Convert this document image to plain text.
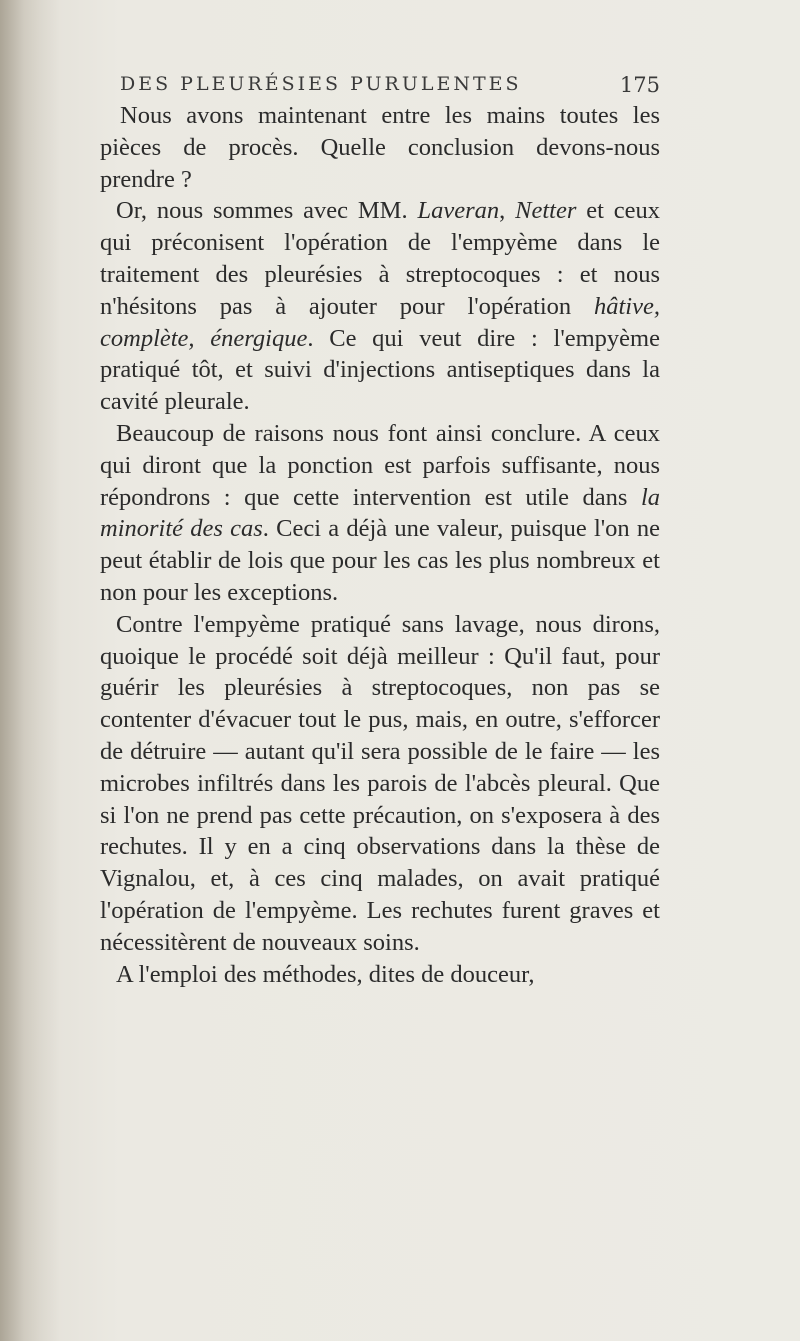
DES PLEURÉSIES PURULENTES	175

Nous avons maintenant entre les mains toutes les pièces de procès. Quelle conclusion devons-nous prendre ?

Or, nous sommes avec MM. Laveran, Netter et ceux qui préconisent l'opération de l'empyème dans le traitement des pleurésies à streptocoques : et nous n'hésitons pas à ajouter pour l'opération hâtive, complète, énergique. Ce qui veut dire : l'empyème pratiqué tôt, et suivi d'injections antiseptiques dans la cavité pleurale.

Beaucoup de raisons nous font ainsi conclure. A ceux qui diront que la ponction est parfois suffisante, nous répondrons : que cette intervention est utile dans la minorité des cas. Ceci a déjà une valeur, puisque l'on ne peut établir de lois que pour les cas les plus nombreux et non pour les exceptions.

Contre l'empyème pratiqué sans lavage, nous dirons, quoique le procédé soit déjà meilleur : Qu'il faut, pour guérir les pleurésies à streptocoques, non pas se contenter d'évacuer tout le pus, mais, en outre, s'efforcer de détruire — autant qu'il sera possible de le faire — les microbes infiltrés dans les parois de l'abcès pleural. Que si l'on ne prend pas cette précaution, on s'exposera à des rechutes. Il y en a cinq observations dans la thèse de Vignalou, et, à ces cinq malades, on avait pratiqué l'opération de l'empyème. Les rechutes furent graves et nécessitèrent de nouveaux soins.

A l'emploi des méthodes, dites de douceur,
